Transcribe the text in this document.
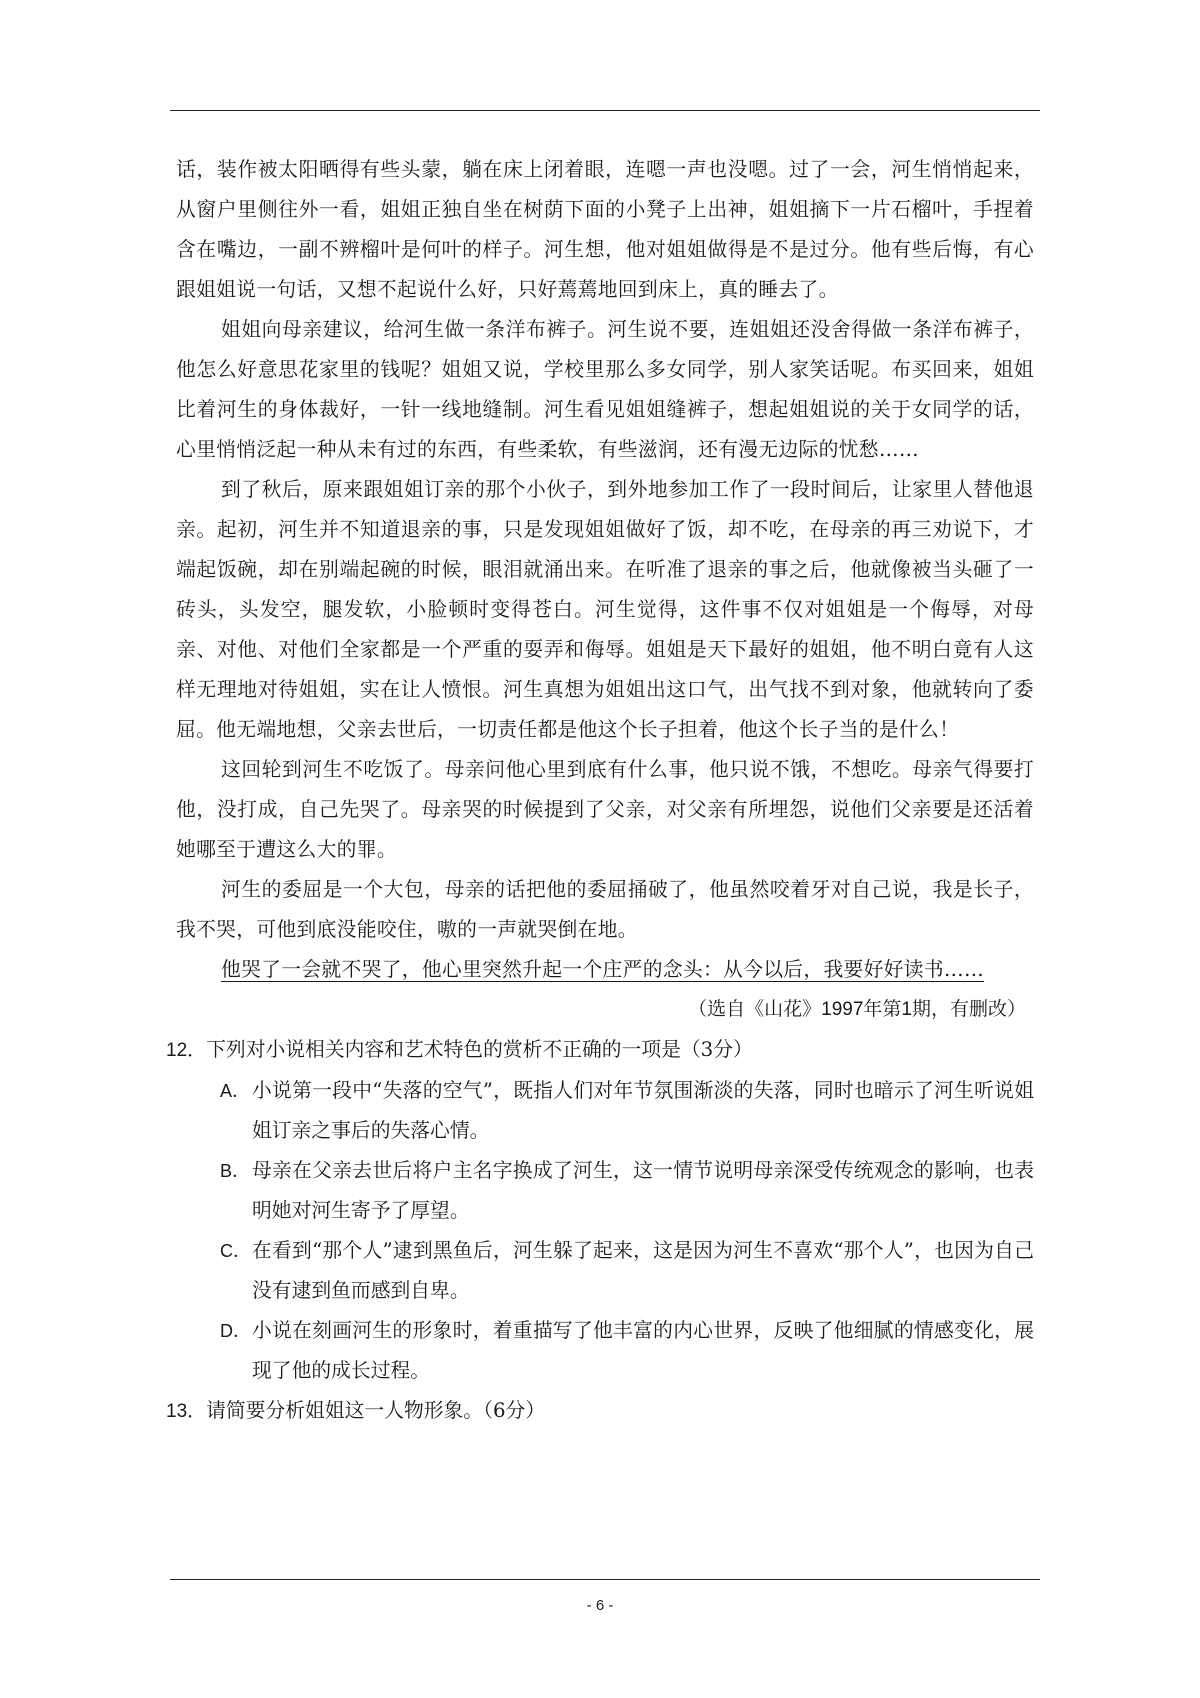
话，装作被太阳晒得有些头蒙，躺在床上闭着眼，连嗯一声也没嗯。过了一会，河生悄悄起来，从窗户里侧往外一看，姐姐正独自坐在树荫下面的小凳子上出神，姐姐摘下一片石榴叶，手捏着含在嘴边，一副不辨榴叶是何叶的样子。河生想，他对姐姐做得是不是过分。他有些后悔，有心跟姐姐说一句话，又想不起说什么好，只好蔫蔫地回到床上，真的睡去了。

姐姐向母亲建议，给河生做一条洋布裤子。河生说不要，连姐姐还没舍得做一条洋布裤子，他怎么好意思花家里的钱呢？姐姐又说，学校里那么多女同学，别人家笑话呢。布买回来，姐姐比着河生的身体裁好，一针一线地缝制。河生看见姐姐缝裤子，想起姐姐说的关于女同学的话，心里悄悄泛起一种从未有过的东西，有些柔软，有些滋润，还有漫无边际的忧愁……

到了秋后，原来跟姐姐订亲的那个小伙子，到外地参加工作了一段时间后，让家里人替他退亲。起初，河生并不知道退亲的事，只是发现姐姐做好了饭，却不吃，在母亲的再三劝说下，才端起饭碗，却在别端起碗的时候，眼泪就涌出来。在听准了退亲的事之后，他就像被当头砸了一砖头，头发空，腿发软，小脸顿时变得苍白。河生觉得，这件事不仅对姐姐是一个侮辱，对母亲、对他、对他们全家都是一个严重的耍弄和侮辱。姐姐是天下最好的姐姐，他不明白竟有人这样无理地对待姐姐，实在让人愤恨。河生真想为姐姐出这口气，出气找不到对象，他就转向了委屈。他无端地想，父亲去世后，一切责任都是他这个长子担着，他这个长子当的是什么！

这回轮到河生不吃饭了。母亲问他心里到底有什么事，他只说不饿，不想吃。母亲气得要打他，没打成，自己先哭了。母亲哭的时候提到了父亲，对父亲有所埋怨，说他们父亲要是还活着她哪至于遭这么大的罪。

河生的委屈是一个大包，母亲的话把他的委屈捅破了，他虽然咬着牙对自己说，我是长子，我不哭，可他到底没能咬住，嗷的一声就哭倒在地。

他哭了一会就不哭了，他心里突然升起一个庄严的念头：从今以后，我要好好读书……

（选自《山花》1997年第1期，有删改）

12．下列对小说相关内容和艺术特色的赏析不正确的一项是（3分）

A． 小说第一段中“失落的空气”，既指人们对年节氛围渐淡的失落，同时也暗示了河生听说姐姐订亲之事后的失落心情。
B． 母亲在父亲去世后将户主名字换成了河生，这一情节说明母亲深受传统观念的影响，也表明她对河生寄予了厚望。
C． 在看到“那个人”逮到黑鱼后，河生躲了起来，这是因为河生不喜欢“那个人”，也因为自己没有逮到鱼而感到自卑。
D． 小说在刻画河生的形象时，着重描写了他丰富的内心世界，反映了他细腻的情感变化，展现了他的成长过程。

13．请简要分析姐姐这一人物形象。（6分）

- 6 -
